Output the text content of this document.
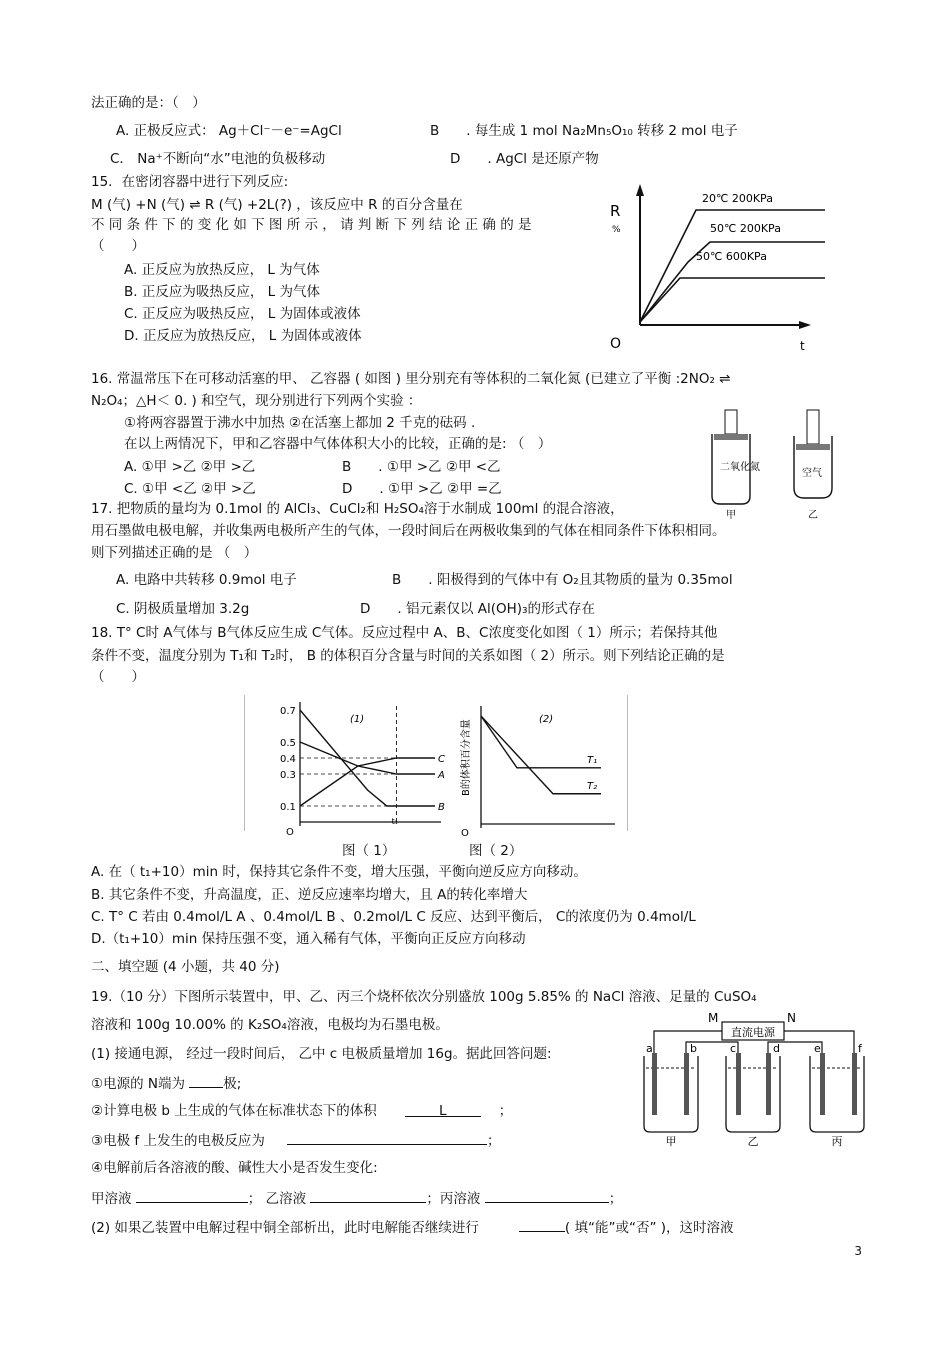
法正确的是：（　）
A. 正极反应式： Ag＋Cl⁻－e⁻=AgCl	B　　. 每生成 1 mol Na₂Mn₅O₁₀ 转移 2 mol 电子
C． Na⁺不断向“水”电池的负极移动	D　　. AgCl 是还原产物
15．在密闭容器中进行下列反应:
M (气) +N (气) ⇌ R (气) +2L(?) ，该反应中 R 的百分含量在
不 同 条 件 下 的 变 化 如 下 图 所 示 ， 请 判 断 下 列 结 论 正 确 的 是
（　　）
A. 正反应为放热反应， L 为气体
B. 正反应为吸热反应， L 为气体
C. 正反应为吸热反应， L 为固体或液体
D. 正反应为放热反应， L 为固体或液体
R
%
O	t
20℃ 200KPa
50℃ 200KPa
50℃ 600KPa
16. 常温常压下在可移动活塞的甲、 乙容器 ( 如图 ) 里分别充有等体积的二氧化氮 (已建立了平衡 :2NO₂ ⇌
N₂O₄；△H＜ 0. ) 和空气，现分别进行下列两个实验 ：
①将两容器置于沸水中加热 ②在活塞上都加 2 千克的砝码 .
在以上两情况下，甲和乙容器中气体体积大小的比较，正确的是: （　）
A. ①甲 >乙 ②甲 >乙	B　　. ①甲 >乙 ②甲 <乙
C. ①甲 <乙 ②甲 >乙	D　　. ①甲 >乙 ②甲 =乙
二氧化氮
甲
空气
乙
17. 把物质的量均为 0.1mol 的 AlCl₃、CuCl₂和 H₂SO₄溶于水制成 100ml 的混合溶液，
用石墨做电极电解，并收集两电极所产生的气体，一段时间后在两极收集到的气体在相同条件下体积相同。
则下列描述正确的是 （　）
A. 电路中共转移 0.9mol 电子	B　　. 阳极得到的气体中有 O₂且其物质的量为 0.35mol
C. 阴极质量增加 3.2g	D　　. 铝元素仅以 Al(OH)₃的形式存在
18. T° C时 A气体与 B气体反应生成 C气体。反应过程中 A、B、C浓度变化如图（ 1）所示；若保持其他
条件不变，温度分别为 T₁和 T₂时， B 的体积百分含量与时间的关系如图（ 2）所示。则下列结论正确的是
（　　）
O
0.7
0.5
0.4
0.3
0.1
(1)
t₁
C
A
B
O
B的体积百分含量	(2)
T₁
T₂
图（ 1）	图（ 2）
A. 在（ t₁+10）min 时，保持其它条件不变，增大压强，平衡向逆反应方向移动。
B. 其它条件不变，升高温度，正、逆反应速率均增大，且 A的转化率增大
C. T° C 若由 0.4mol/L A 、0.4mol/L B 、0.2mol/L C 反应、达到平衡后， C的浓度仍为 0.4mol/L
D.（t₁+10）min 保持压强不变，通入稀有气体，平衡向正反应方向移动
二、填空题 (4 小题，共 40 分)
19.（10 分）下图所示装置中，甲、乙、丙三个烧杯依次分别盛放 100g 5.85% 的 NaCl 溶液、足量的 CuSO₄
溶液和 100g 10.00% 的 K₂SO₄溶液，电极均为石墨电极。
(1) 接通电源， 经过一段时间后， 乙中 c 电极质量增加 16g。据此回答问题:
①电源的 N端为	极;
②计算电极 b 上生成的气体在标准状态下的体积	L	；
③电极 f 上发生的电极反应为	；
④电解前后各溶液的酸、碱性大小是否发生变化:
甲溶液	； 乙溶液	；丙溶液	；
(2) 如果乙装置中电解过程中铜全部析出，此时电解能否继续进行	( 填“能”或“否” )，这时溶液
M	N
直流电源
a	b	c	d	e	f
甲	乙	丙
3
